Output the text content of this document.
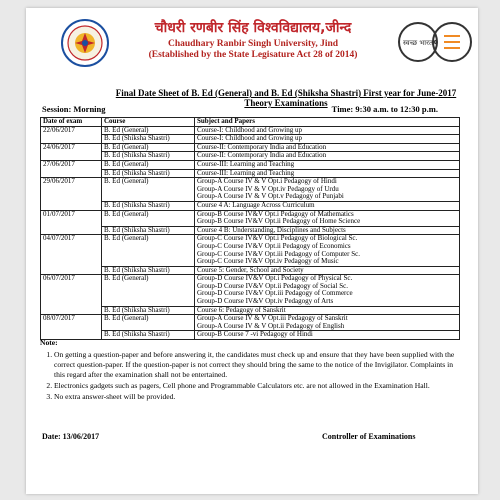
चौधरी रणबीर सिंह विश्वविद्यालय,जीन्द
Chaudhary Ranbir Singh University, Jind
(Established by the State Legisature Act 28 of 2014)
स्वच्छ भारत
Final Date Sheet of B. Ed (General) and B. Ed (Shiksha Shastri) First year for June-2017
Theory Examinations
Session: Morning	Time: 9:30 a.m. to 12:30 p.m.
Date of exam	Course	Subject and Papers
22/06/2017	B. Ed (General)	Course-I: Childhood and Growing up

	B. Ed (Shiksha Shastri)	Course-I: Childhood and Growing up

24/06/2017	B. Ed (General)	Course-II: Contemporary India and Education

	B. Ed (Shiksha Shastri)	Course-II: Contemporary India and Education

27/06/2017	B. Ed (General)	Course-III: Learning and Teaching

	B. Ed (Shiksha Shastri)	Course-III: Learning and Teaching

29/06/2017	B. Ed (General)	Group-A Course IV & V Opt.i Pedagogy of Hindi
Group-A Course IV & V Opt.iv Pedagogy of Urdu
Group-A Course IV & V Opt.v Pedagogy of Punjabi

	B. Ed (Shiksha Shastri)	Course 4 A: Language Across Curriculum

01/07/2017	B. Ed (General)	Group-B Course IV&V Opt.i Pedagogy of Mathematics
Group-B Course IV&V Opt.ii Pedagogy of Home Science

	B. Ed (Shiksha Shastri)	Course 4 B: Understanding, Disciplines and Subjects

04/07/2017	B. Ed (General)	Group-C Course IV&V Opt.i Pedagogy of Biological Sc.
Group-C Course IV&V Opt.ii Pedagogy of Economics
Group-C Course IV&V Opt.iii Pedagogy of Computer Sc.
Group-C Course IV&V Opt.iv Pedagogy of Music

	B. Ed (Shiksha Shastri)	Course 5: Gender, School and Society

06/07/2017	B. Ed (General)	Group-D Course IV&V Opt.i Pedagogy of Physical Sc.
Group-D Course IV&V Opt.ii Pedagogy of Social Sc.
Group-D Course IV&V Opt.iii Pedagogy of Commerce
Group-D Course IV&V Opt.iv Pedagogy of Arts

	B. Ed (Shiksha Shastri)	Course 6: Pedagogy of Sanskrit

08/07/2017	B. Ed (General)	Group-A Course IV & V Opt.iii Pedagogy of Sanskrit
Group-A Course IV & V Opt.ii Pedagogy of English

	B. Ed (Shiksha Shastri)	Group-B Course 7 -vi Pedagogy of Hindi
Note:
1. On getting a question-paper and before answering it, the candidates must check up and ensure that they have been supplied with the correct question-paper. If the question-paper is not correct they should bring the same to the notice of the Invigilator. Complaints in this regard after the examination shall not be entertained.
2. Electronics gadgets such as pagers, Cell phone and Programmable Calculators etc. are not allowed in the Examination Hall.
3. No extra answer-sheet will be provided.
Date: 13/06/2017	Controller of Examinations
